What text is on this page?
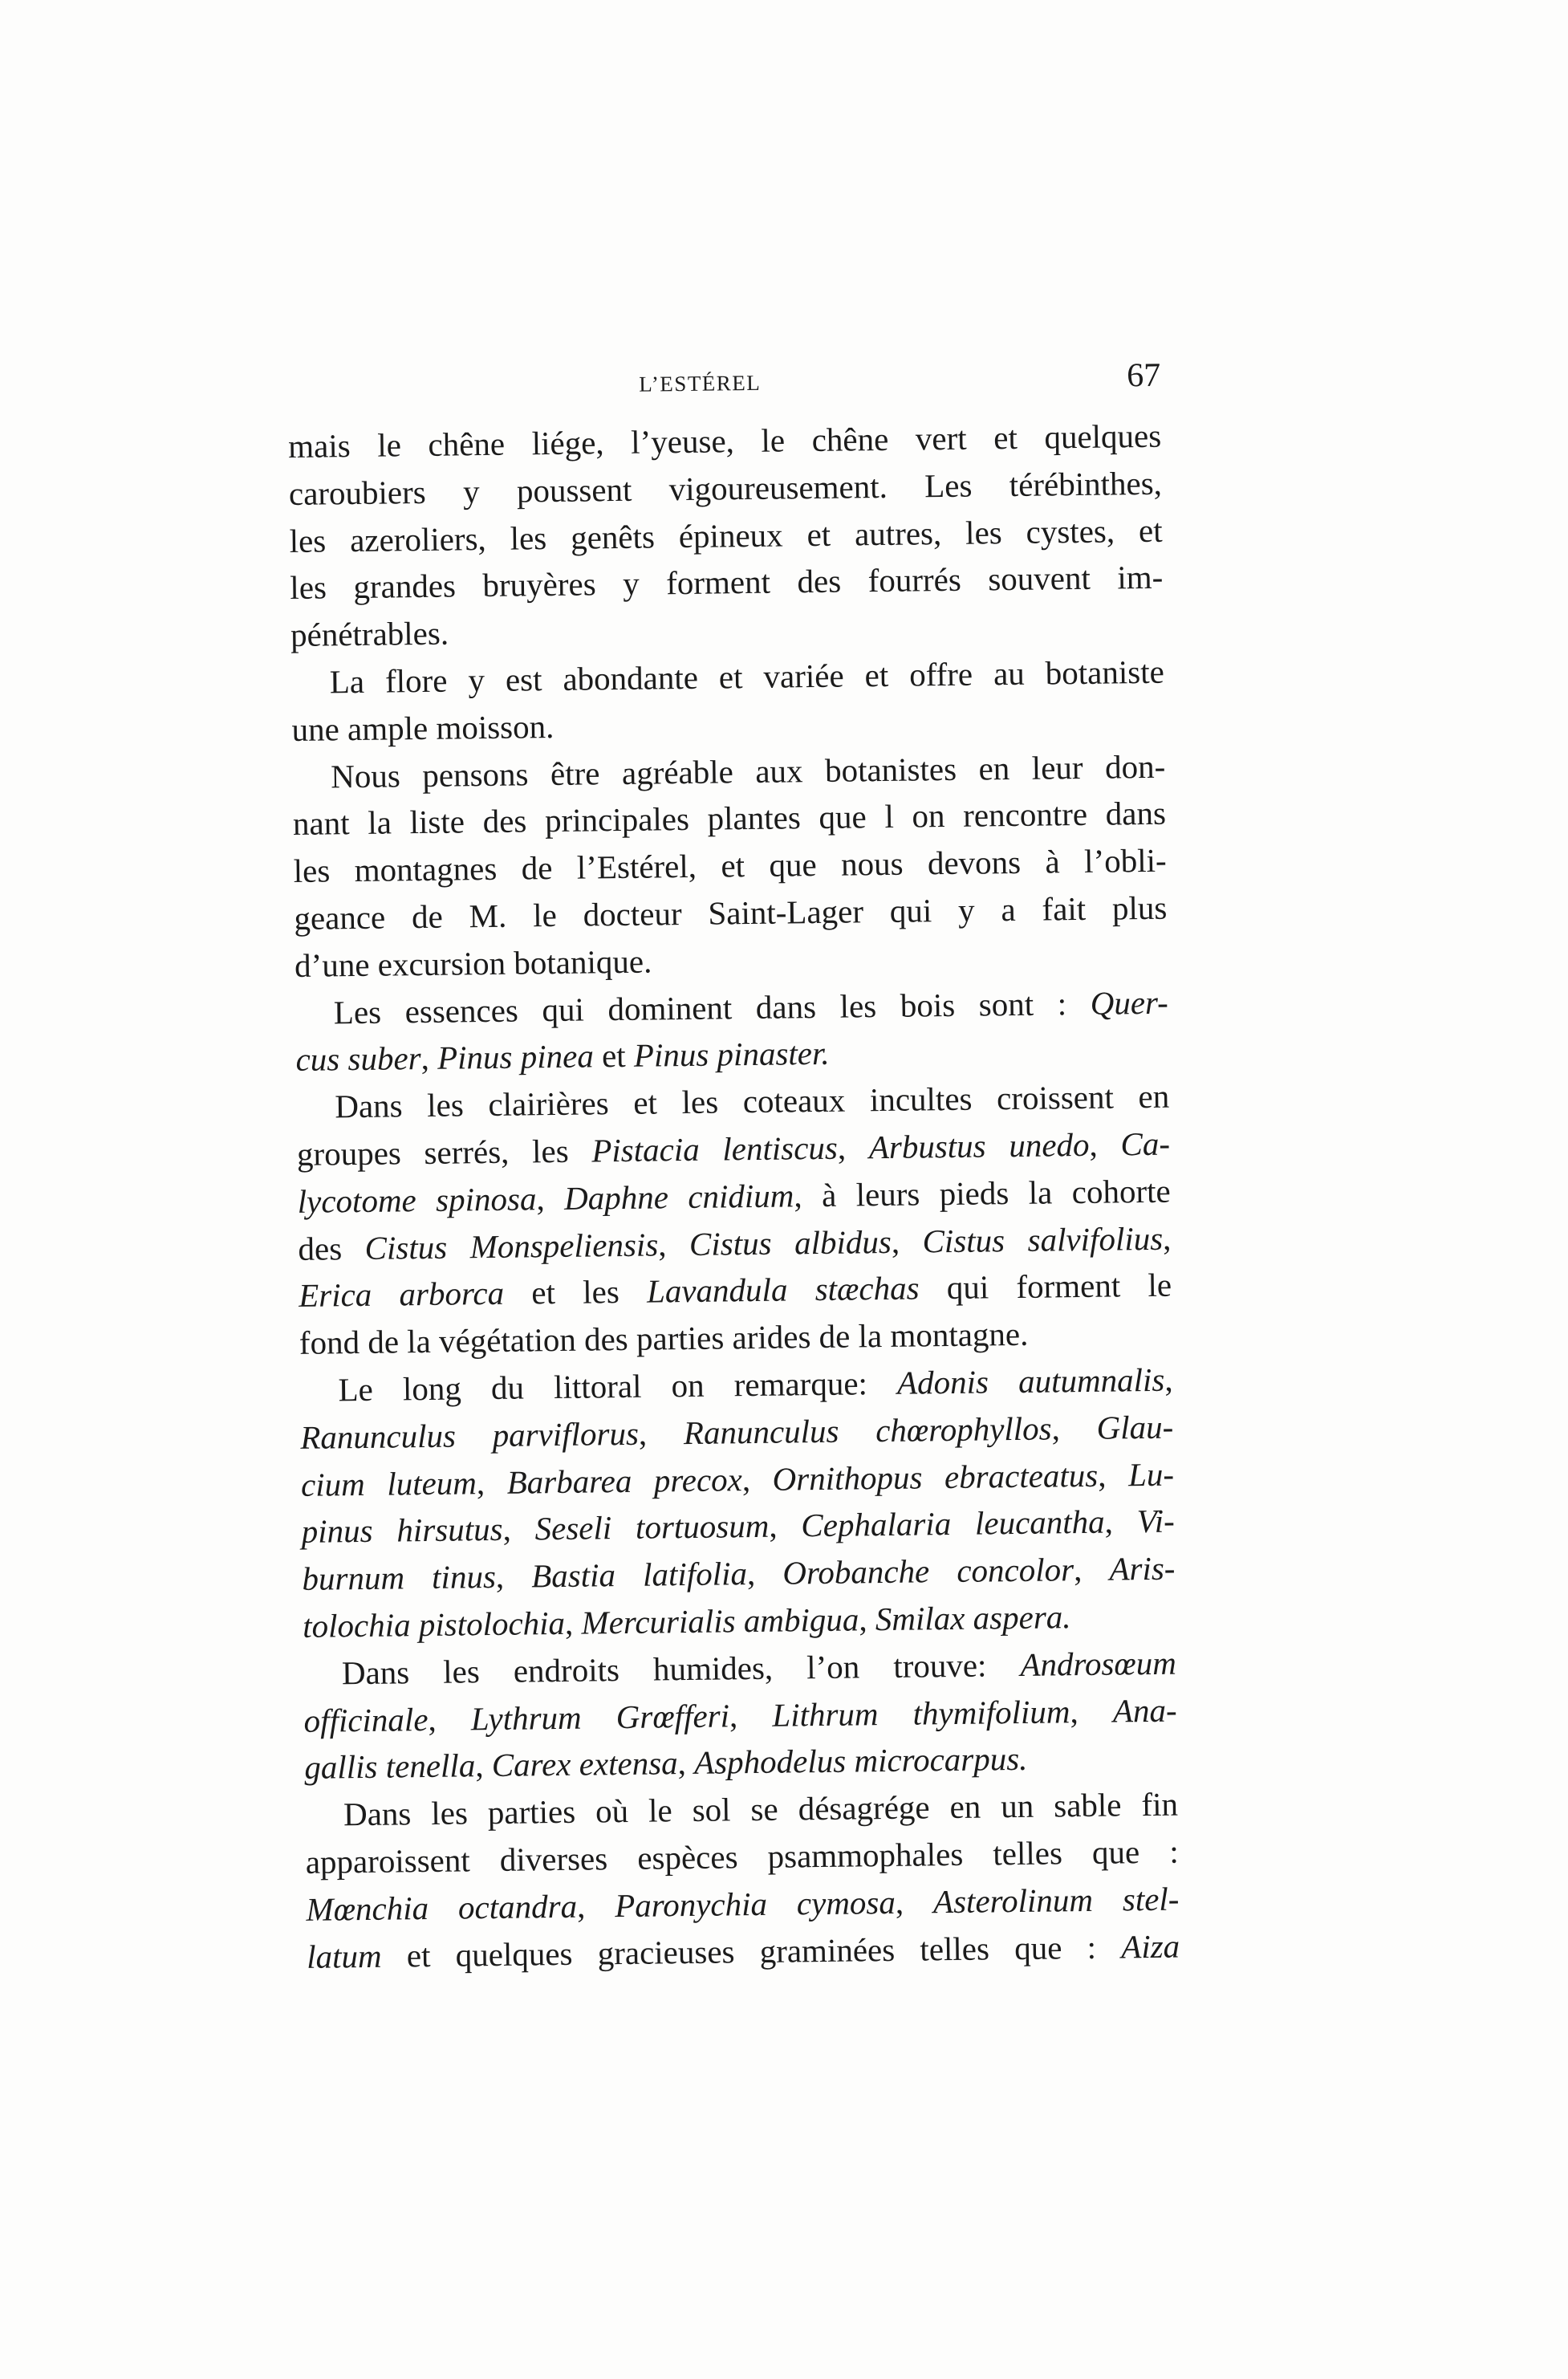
L’ESTÉREL	67
mais le chêne liége, l’yeuse, le chêne vert et quelques
caroubiers y poussent vigoureusement. Les térébinthes,
les azeroliers, les genêts épineux et autres, les cystes, et
les grandes bruyères y forment des fourrés souvent im-
pénétrables.
La flore y est abondante et variée et offre au botaniste
une ample moisson.
Nous pensons être agréable aux botanistes en leur don-
nant la liste des principales plantes que l on rencontre dans
les montagnes de l’Estérel, et que nous devons à l’obli-
geance de M. le docteur Saint-Lager qui y a fait plus
d’une excursion botanique.
Les essences qui dominent dans les bois sont : Quer-
cus suber, Pinus pinea et Pinus pinaster.
Dans les clairières et les coteaux incultes croissent en
groupes serrés, les Pistacia lentiscus, Arbustus unedo, Ca-
lycotome spinosa, Daphne cnidium, à leurs pieds la cohorte
des Cistus Monspeliensis, Cistus albidus, Cistus salvifolius,
Erica arborca et les Lavandula stæchas qui forment le
fond de la végétation des parties arides de la montagne.
Le long du littoral on remarque: Adonis autumnalis,
Ranunculus parviflorus, Ranunculus chœrophyllos, Glau-
cium luteum, Barbarea precox, Ornithopus ebracteatus, Lu-
pinus hirsutus, Seseli tortuosum, Cephalaria leucantha, Vi-
burnum tinus, Bastia latifolia, Orobanche concolor, Aris-
tolochia pistolochia, Mercurialis ambigua, Smilax aspera.
Dans les endroits humides, l’on trouve: Androsœum
officinale, Lythrum Grœfferi, Lithrum thymifolium, Ana-
gallis tenella, Carex extensa, Asphodelus microcarpus.
Dans les parties où le sol se désagrége en un sable fin
apparoissent diverses espèces psammophales telles que :
Mœnchia octandra, Paronychia cymosa, Asterolinum stel-
latum et quelques gracieuses graminées telles que : Aiza
